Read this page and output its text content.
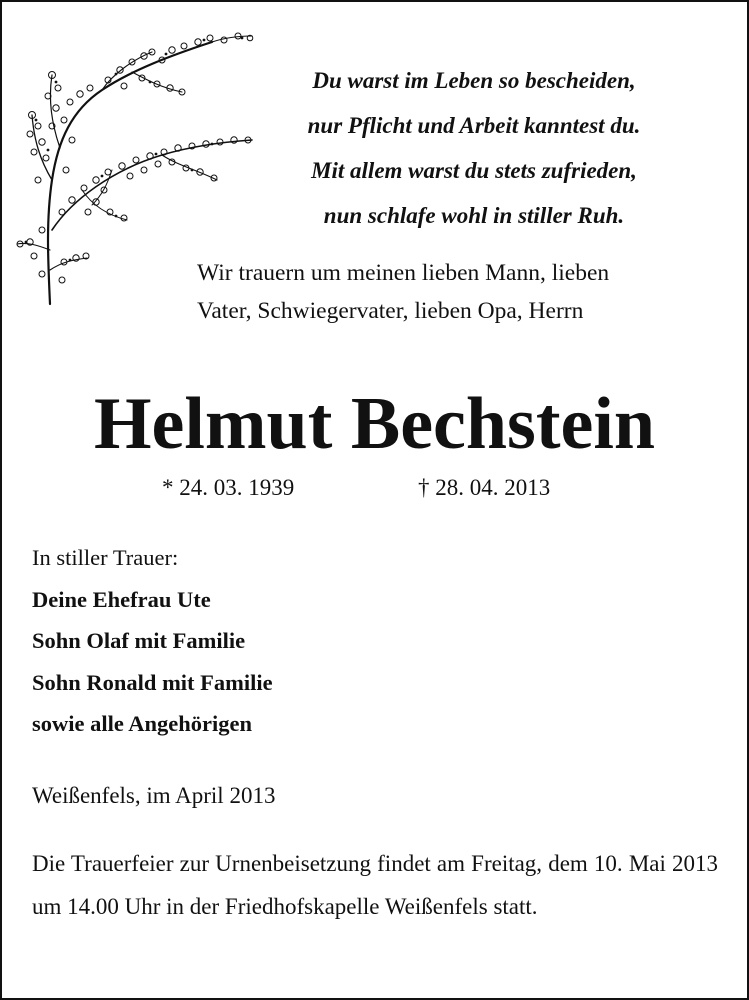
Du warst im Leben so bescheiden,
nur Pflicht und Arbeit kanntest du.
Mit allem warst du stets zufrieden,
nun schlafe wohl in stiller Ruh.
Wir trauern um meinen lieben Mann, lieben
Vater, Schwiegervater, lieben Opa, Herrn
Helmut Bechstein
* 24. 03. 1939	† 28. 04. 2013
In stiller Trauer:
Deine Ehefrau Ute
Sohn Olaf mit Familie
Sohn Ronald mit Familie
sowie alle Angehörigen
Weißenfels, im April 2013
Die Trauerfeier zur Urnenbeisetzung findet am Freitag, dem 10. Mai 2013 um 14.00 Uhr in der Friedhofskapelle Weißenfels statt.
